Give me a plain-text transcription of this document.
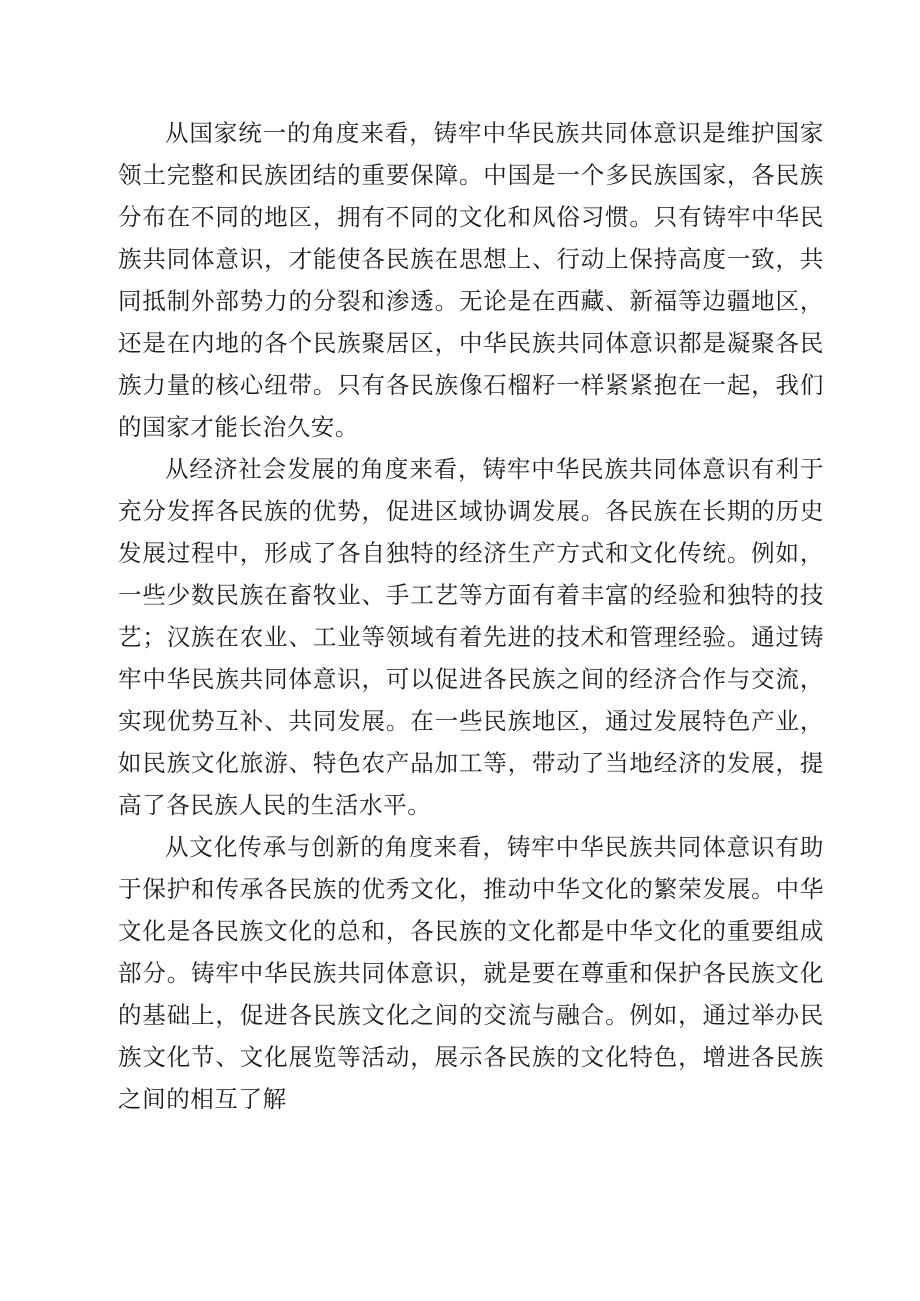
从国家统一的角度来看，铸牢中华民族共同体意识是维护国家领土完整和民族团结的重要保障。中国是一个多民族国家，各民族分布在不同的地区，拥有不同的文化和风俗习惯。只有铸牢中华民族共同体意识，才能使各民族在思想上、行动上保持高度一致，共同抵制外部势力的分裂和渗透。无论是在西藏、新福等边疆地区，还是在内地的各个民族聚居区，中华民族共同体意识都是凝聚各民族力量的核心纽带。只有各民族像石榴籽一样紧紧抱在一起，我们的国家才能长治久安。

从经济社会发展的角度来看，铸牢中华民族共同体意识有利于充分发挥各民族的优势，促进区域协调发展。各民族在长期的历史发展过程中，形成了各自独特的经济生产方式和文化传统。例如，一些少数民族在畜牧业、手工艺等方面有着丰富的经验和独特的技艺；汉族在农业、工业等领域有着先进的技术和管理经验。通过铸牢中华民族共同体意识，可以促进各民族之间的经济合作与交流，实现优势互补、共同发展。在一些民族地区，通过发展特色产业，如民族文化旅游、特色农产品加工等，带动了当地经济的发展，提高了各民族人民的生活水平。

从文化传承与创新的角度来看，铸牢中华民族共同体意识有助于保护和传承各民族的优秀文化，推动中华文化的繁荣发展。中华文化是各民族文化的总和，各民族的文化都是中华文化的重要组成部分。铸牢中华民族共同体意识，就是要在尊重和保护各民族文化的基础上，促进各民族文化之间的交流与融合。例如，通过举办民族文化节、文化展览等活动，展示各民族的文化特色，增进各民族之间的相互了解
